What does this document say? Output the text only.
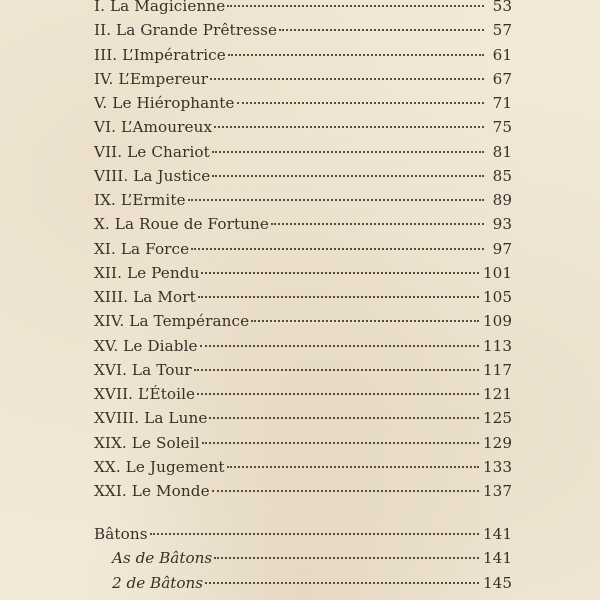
I. La Magicienne	53
II. La Grande Prêtresse	57
III. L’Impératrice	61
IV. L’Empereur	67
V. Le Hiérophante	71
VI. L’Amoureux	75
VII. Le Chariot	81
VIII. La Justice	85
IX. L’Ermite	89
X. La Roue de Fortune	93
XI. La Force	97
XII. Le Pendu	101
XIII. La Mort	105
XIV. La Tempérance	109
XV. Le Diable	113
XVI. La Tour	117
XVII. L’Étoile	121
XVIII. La Lune	125
XIX. Le Soleil	129
XX. Le Jugement	133
XXI. Le Monde	137
Bâtons	141
As de Bâtons	141
2 de Bâtons	145
